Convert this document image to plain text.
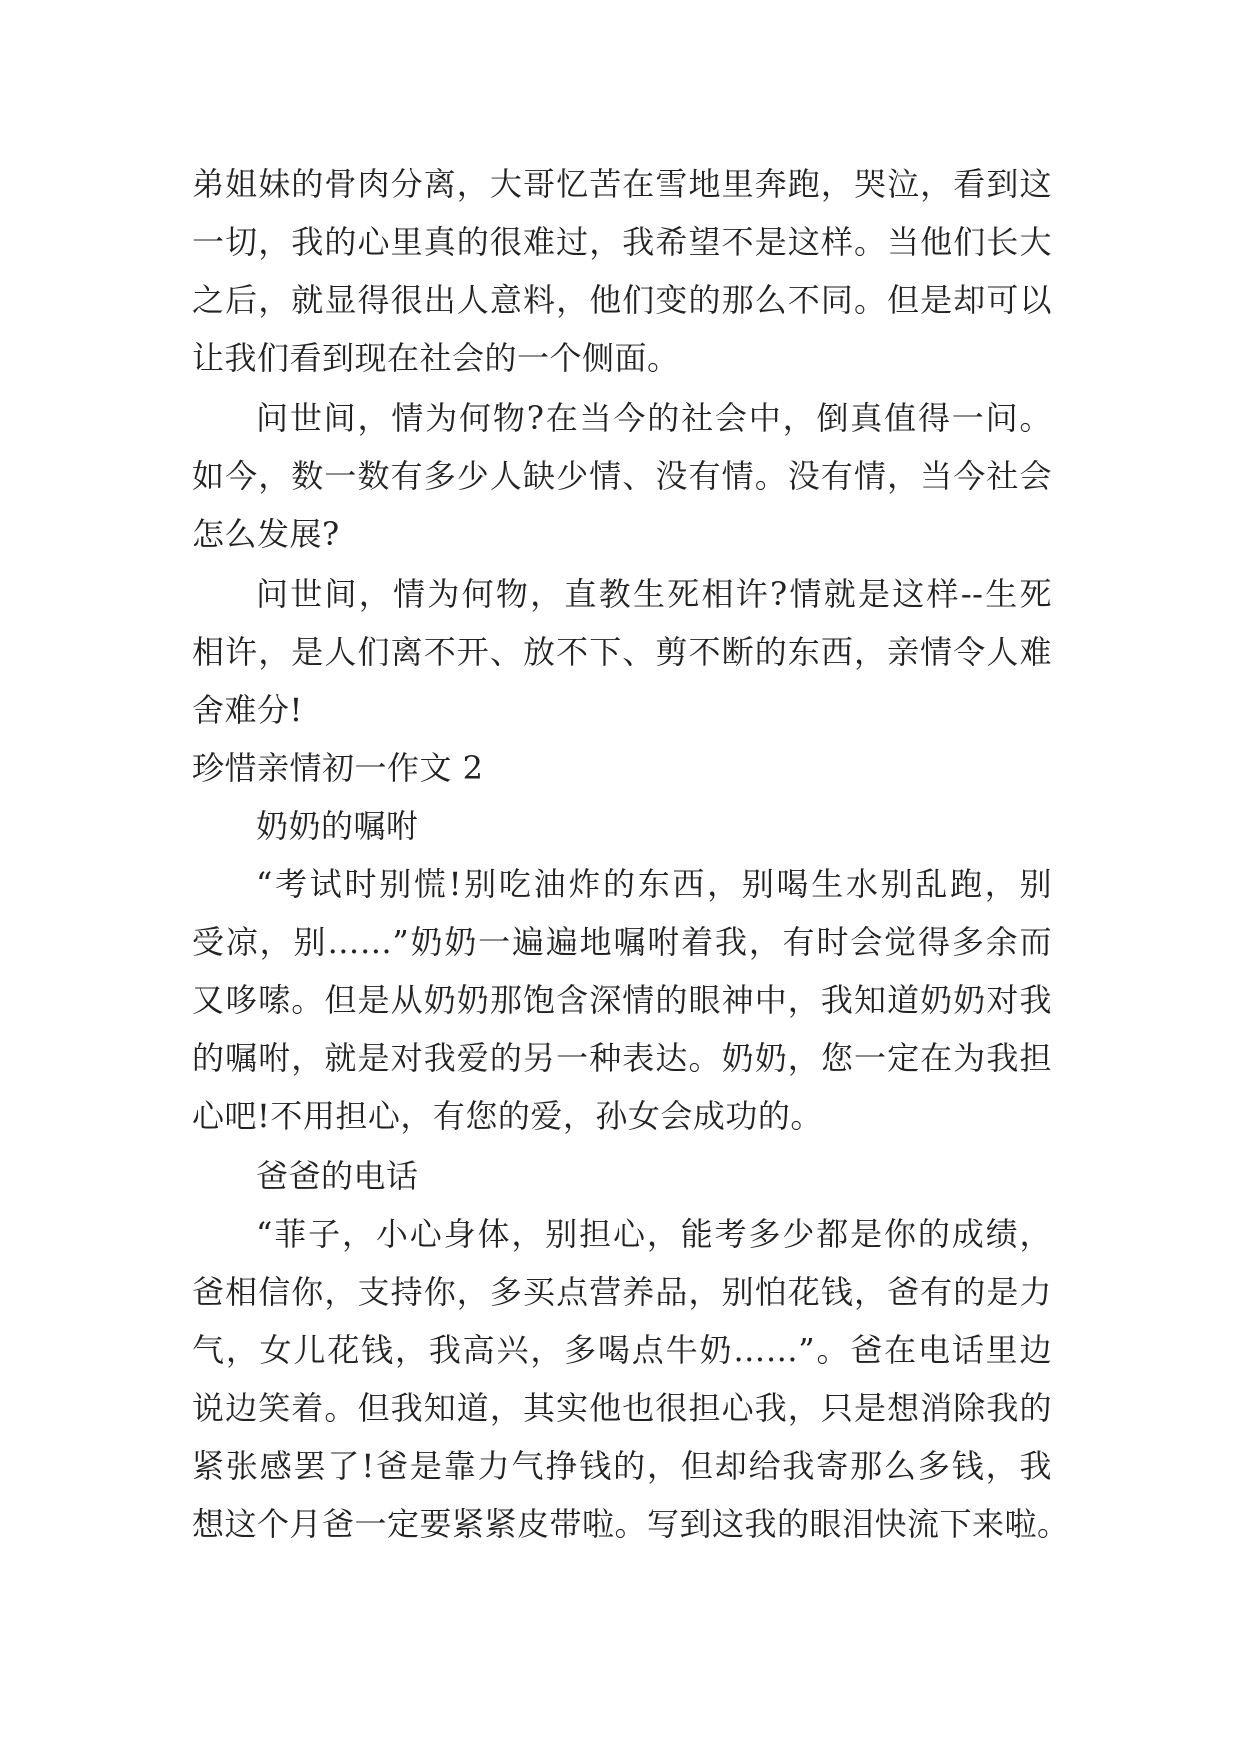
弟姐妹的骨肉分离，大哥忆苦在雪地里奔跑，哭泣，看到这

一切，我的心里真的很难过，我希望不是这样。当他们长大

之后，就显得很出人意料，他们变的那么不同。但是却可以

让我们看到现在社会的一个侧面。

问世间，情为何物?在当今的社会中，倒真值得一问。

如今，数一数有多少人缺少情、没有情。没有情，当今社会

怎么发展?

问世间，情为何物，直教生死相许?情就是这样--生死

相许，是人们离不开、放不下、剪不断的东西，亲情令人难

舍难分!

珍惜亲情初一作文 2

奶奶的嘱咐

“考试时别慌!别吃油炸的东西，别喝生水别乱跑，别

受凉，别……”奶奶一遍遍地嘱咐着我，有时会觉得多余而

又哆嗦。但是从奶奶那饱含深情的眼神中，我知道奶奶对我

的嘱咐，就是对我爱的另一种表达。奶奶，您一定在为我担

心吧!不用担心，有您的爱，孙女会成功的。

爸爸的电话

“菲子，小心身体，别担心，能考多少都是你的成绩，

爸相信你，支持你，多买点营养品，别怕花钱，爸有的是力

气，女儿花钱，我高兴，多喝点牛奶……”。爸在电话里边

说边笑着。但我知道，其实他也很担心我，只是想消除我的

紧张感罢了!爸是靠力气挣钱的，但却给我寄那么多钱，我

想这个月爸一定要紧紧皮带啦。写到这我的眼泪快流下来啦。
